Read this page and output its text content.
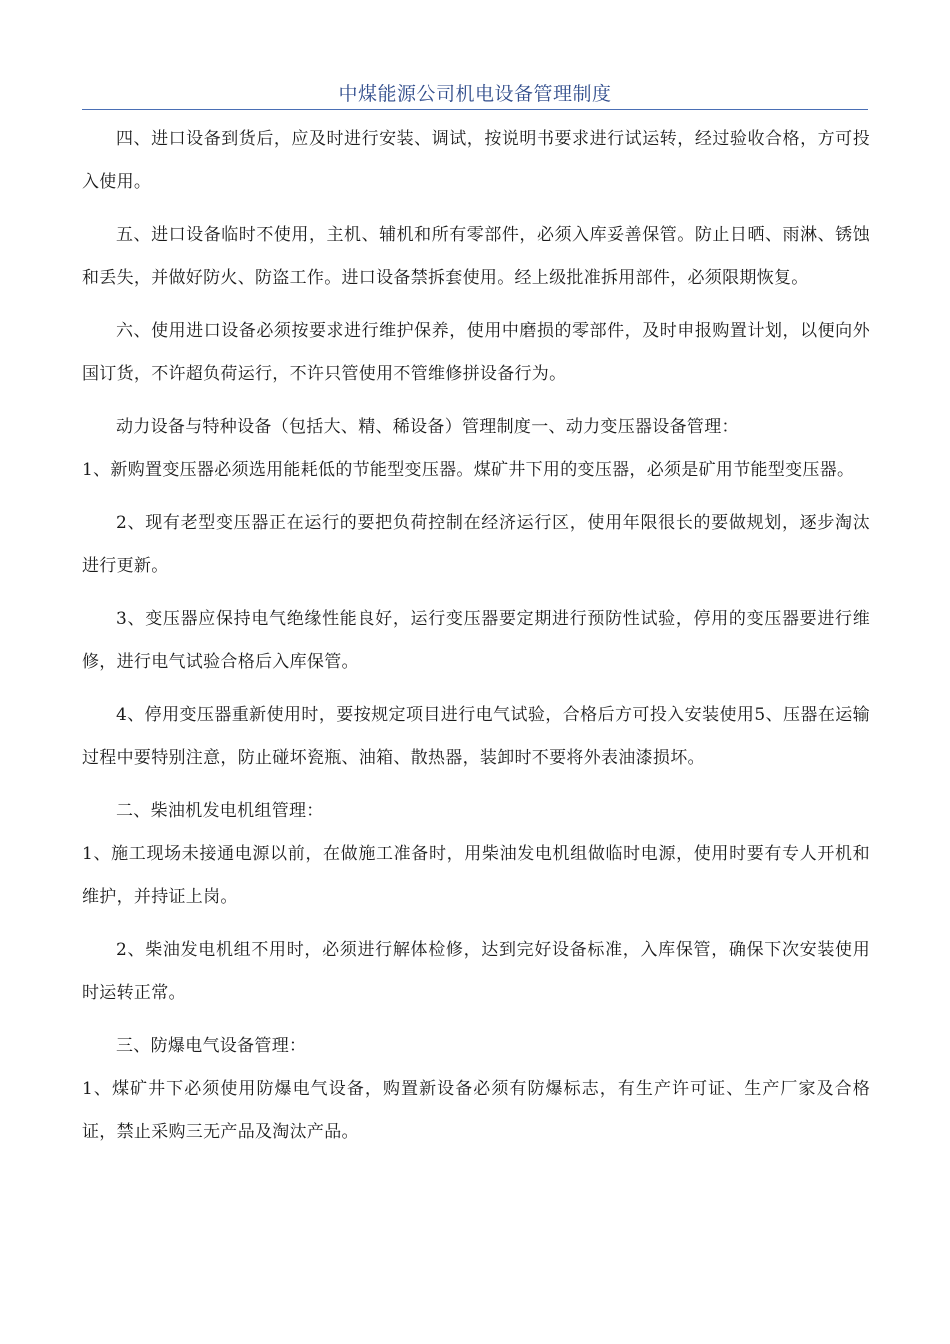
中煤能源公司机电设备管理制度

四、进口设备到货后，应及时进行安装、调试，按说明书要求进行试运转，经过验收合格，方可投入使用。

五、进口设备临时不使用，主机、辅机和所有零部件，必须入库妥善保管。防止日晒、雨淋、锈蚀和丢失，并做好防火、防盗工作。进口设备禁拆套使用。经上级批准拆用部件，必须限期恢复。

六、使用进口设备必须按要求进行维护保养，使用中磨损的零部件，及时申报购置计划，以便向外国订货，不许超负荷运行，不许只管使用不管维修拼设备行为。

动力设备与特种设备（包括大、精、稀设备）管理制度一、动力变压器设备管理：

1、新购置变压器必须选用能耗低的节能型变压器。煤矿井下用的变压器，必须是矿用节能型变压器。

2、现有老型变压器正在运行的要把负荷控制在经济运行区，使用年限很长的要做规划，逐步淘汰进行更新。

3、变压器应保持电气绝缘性能良好，运行变压器要定期进行预防性试验，停用的变压器要进行维修，进行电气试验合格后入库保管。

4、停用变压器重新使用时，要按规定项目进行电气试验，合格后方可投入安装使用5、压器在运输过程中要特别注意，防止碰坏瓷瓶、油箱、散热器，装卸时不要将外表油漆损坏。

二、柴油机发电机组管理：

1、施工现场未接通电源以前，在做施工准备时，用柴油发电机组做临时电源，使用时要有专人开机和维护，并持证上岗。

2、柴油发电机组不用时，必须进行解体检修，达到完好设备标准，入库保管，确保下次安装使用时运转正常。

三、防爆电气设备管理：

1、煤矿井下必须使用防爆电气设备，购置新设备必须有防爆标志，有生产许可证、生产厂家及合格证，禁止采购三无产品及淘汰产品。
